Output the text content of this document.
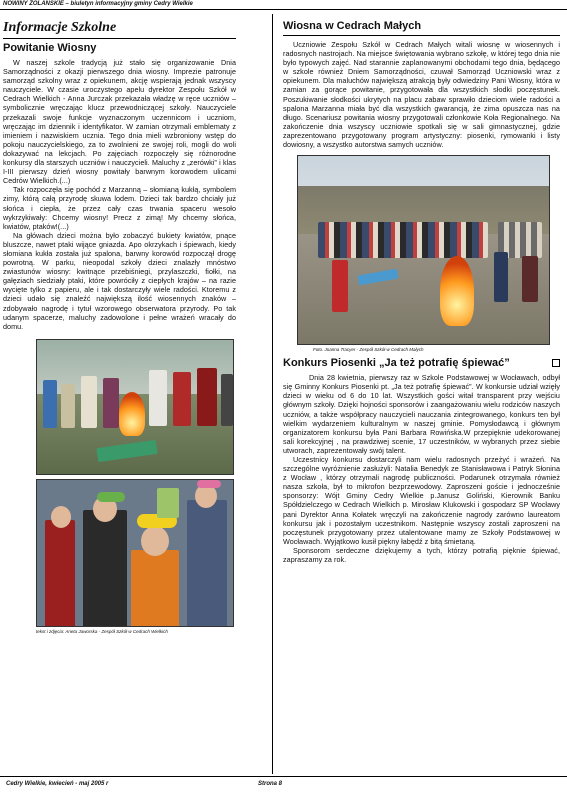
NOWINY ŻOLANSKIE – biuletyn informacyjny gminy Cedry Wielkie
Informacje Szkolne
Powitanie Wiosny

W naszej szkole tradycją już stało się organizowanie Dnia Samorządności z okazji pierwszego dnia wiosny. Imprezie patronuje samorząd szkolny wraz z opiekunem, akcję wspierają jednak wszyscy nauczyciele. W czasie uroczystego apelu dyrektor Zespołu Szkół w Cedrach Wielkich - Anna Jurczak przekazała władzę w ręce uczniów – symbolicznie wręczając klucz przewodniczącej szkoły. Nauczyciele przekazali swoje funkcje wyznaczonym uczennicom i uczniom, wręczając im dziennik i identyfikator. W zamian otrzymali emblematy z imieniem i nazwiskiem ucznia. Tego dnia mieli wzbroniony wstęp do pokoju nauczycielskiego, za to zwolnieni ze swojej roli, mogli do woli dokazywać na lekcjach. Po zajęciach rozpoczęły się różnorodne konkursy dla starszych uczniów i nauczycieli. Maluchy z „zerówki” i klas I-III pierwszy dzień wiosny powitały barwnym korowodem ulicami Cedrów Wielkich.(...)

Tak rozpoczęła się pochód z Marzanną – słomianą kukłą, symbolem zimy, którą całą przyrodę skuwa lodem. Dzieci tak bardzo chciały już słońca i ciepła, że przez cały czas trwania spaceru wesoło wykrzykiwały: Chcemy wiosny! Precz z zimą! My chcemy słońca, kwiatów, ptaków!(...)

Na główach dzieci można było zobaczyć bukiety kwiatów, pnące bluszcze, nawet ptaki wijące gniazda. Apo okrzykach i śpiewach, kiedy słomiana kukła została już spalona, barwny korowód rozpoczął drogę powrotną. W parku, nieopodal szkoły dzieci znalazły mnóstwo zwiastunów wiosny: kwitnące przebiśniegi, przylaszczki, fiołki, na gałęziach siedziały ptaki, które powróciły z ciepłych krajów – na razie wycięte tylko z papieru, ale i tak dostarczyły wiele radości. Ktoremu z dzieci udało się znaleźć największą ilość wiosennych znaków – zdobywało nagrodę i tytuł wzorowego obserwatora przyrody. Po tak udanym spacerze, maluchy zadowolone i pełne wrażeń wracały do domu.

tekst i zdjęcia: Aneta Jaworska - Zespół Szkół w Cedrach Wielkich
Wiosna w Cedrach Małych

Uczniowie Zespołu Szkół w Cedrach Małych witali wiosnę w wiosennych i radosnych nastrojach. Na miejsce świętowania wybrano szkołę, w której tego dnia nie było typowych zajęć. Nad starannie zaplanowanymi obchodami tego dnia, będącego w szkole również Dniem Samorządności, czuwał Samorząd Uczniowski wraz z opiekunem. Dla maluchów największą atrakcją były odwiedziny Pani Wiosny, która w zamian za gorące powitanie, przygotowała dla wszystkich słodki poczęstunek. Poszukiwanie słodkości ukrytych na placu zabaw sprawiło dzieciom wiele radości a spalona Marzanna miała być dla wszystkich gwarancją, że zima opuszcza nas na długo. Scenariusz powitania wiosny przygotowali członkowie Koła Regionalnego. Na zakończenie dnia wszyscy uczniowie spotkali się w sali gimnastycznej, gdzie zaprezentowano przygotowany program artystyczny: piosenki, rymowanki i listy dowiosny, a wszystko autorstwa samych uczniów.

Foto. Joanna Tracyer - Zespół Szkół w Cedrach Małych
Konkurs Piosenki „Ja też potrafię śpiewać”

Dnia 28 kwietnia, pierwszy raz w Szkole Podstawowej w Wocławach, odbył się Gminny Konkurs Piosenki pt. „Ja też potrafię śpiewać”. W konkursie udział wzięły dzieci w wieku od 6 do 10 lat. Wszystkich gości witał transparent przy wejściu głównym szkoły. Dzięki hojności sponsorów i zaangażowaniu wielu rodziców naszych uczniów, a także współpracy nauczycieli nauczania zintegrowanego, konkurs ten był wielkim wydarzeniem kulturalnym w naszej gminie. Pomysłodawcą i głównym organizatorem konkursu była Pani Barbara Rowińska.W przepięknie udekorowanej sali korekcyjnej , na prawdziwej scenie, 17 uczestników, w wybranych przez siebie utworach, zaprezentowały swój talent.

Uczestnicy konkursu dostarczyli nam wielu radosnych przeżyć i wrażeń. Na szczególne wyróżnienie zasłużyli: Natalia Benedyk ze Stanisławowa i Patryk Słonina z Wocław , którzy otrzymali nagrodę publiczności. Podarunek otrzymała również nasza szkoła, był to mikrofon bezprzewodowy. Zaproszeni goście i jednocześnie sponsorzy: Wójt Gminy Cedry Wielkie p.Janusz Goliński, Kierownik Banku Spółdzielczego w Cedrach Wielkich p. Mirosław Klukowski i gospodarz SP Wocławy pani Dyrektor Anna Kołatek wręczyli na zakończenie nagrody zarówno laureatom konkursu jak i pozostałym uczestnikom. Następnie wszyscy zostali zaproszeni na poczęstunek przygotowany przez utalentowane mamy ze Szkoły Podstawowej w Wocławach. Wyjątkowo kusił piękny łabędź z bitą śmietaną.

Sponsorom serdeczne dziękujemy a tych, którzy potrafią pięknie śpiewać, zapraszamy za rok.

Cedry Wielkie, kwiecień - maj 2005 r	Strona 8
